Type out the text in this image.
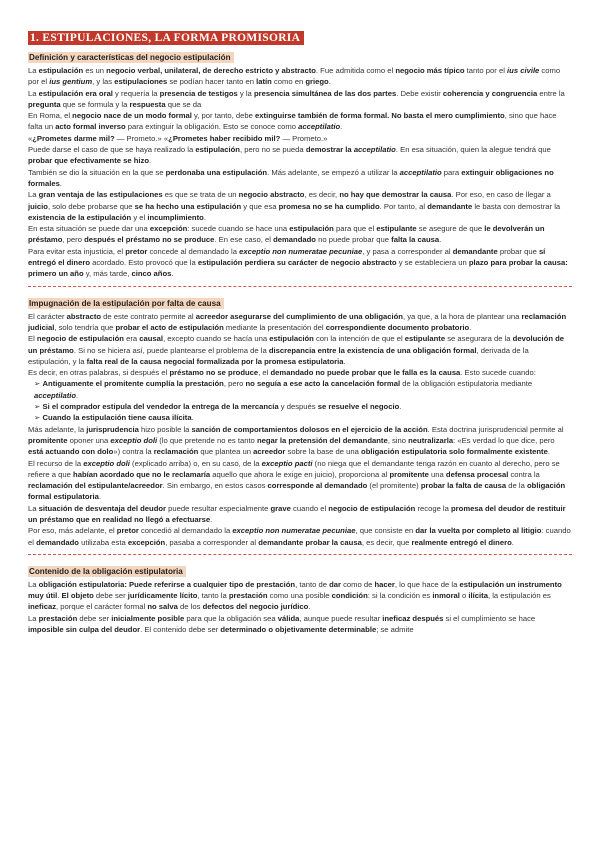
1. ESTIPULACIONES, LA FORMA PROMISORIA
Definición y características del negocio estipulación

La estipulación es un negocio verbal, unilateral, de derecho estricto y abstracto. Fue admitida como el negocio más típico tanto por el ius civile como por el ius gentium, y las estipulaciones se podían hacer tanto en latín como en griego.

La estipulación era oral y requería la presencia de testigos y la presencia simultánea de las dos partes. Debe existir coherencia y congruencia entre la pregunta que se formula y la respuesta que se da

En Roma, el negocio nace de un modo formal y, por tanto, debe extinguirse también de forma formal. No basta el mero cumplimiento, sino que hace falta un acto formal inverso para extinguir la obligación. Esto se conoce como acceptilatio.

«¿Prometes darme mil? — Prometo.» «¿Prometes haber recibido mil? — Prometo.»

Puede darse el caso de que se haya realizado la estipulación, pero no se pueda demostrar la acceptilatio. En esa situación, quien la alegue tendrá que probar que efectivamente se hizo.

También se dio la situación en la que se perdonaba una estipulación. Más adelante, se empezó a utilizar la acceptilatio para extinguir obligaciones no formales.

La gran ventaja de las estipulaciones es que se trata de un negocio abstracto, es decir, no hay que demostrar la causa. Por eso, en caso de llegar a juicio, solo debe probarse que se ha hecho una estipulación y que esa promesa no se ha cumplido. Por tanto, al demandante le basta con demostrar la existencia de la estipulación y el incumplimiento.

En esta situación se puede dar una excepción: sucede cuando se hace una estipulación para que el estipulante se asegure de que le devolverán un préstamo, pero después el préstamo no se produce. En ese caso, el demandado no puede probar que falta la causa.

Para evitar esta injusticia, el pretor concede al demandado la exceptio non numeratae pecuniae, y pasa a corresponder al demandante probar que sí entregó el dinero acordado. Esto provocó que la estipulación perdiera su carácter de negocio abstracto y se estableciera un plazo para probar la causa: primero un año y, más tarde, cinco años.

Impugnación de la estipulación por falta de causa

El carácter abstracto de este contrato permite al acreedor asegurarse del cumplimiento de una obligación, ya que, a la hora de plantear una reclamación judicial, solo tendría que probar el acto de estipulación mediante la presentación del correspondiente documento probatorio.

El negocio de estipulación era causal, excepto cuando se hacía una estipulación con la intención de que el estipulante se asegurara de la devolución de un préstamo. Si no se hiciera así, puede plantearse el problema de la discrepancia entre la existencia de una obligación formal, derivada de la estipulación, y la falta real de la causa negocial formalizada por la promesa estipulatoria.

Es decir, en otras palabras, si después el préstamo no se produce, el demandado no puede probar que le falla es la causa. Esto sucede cuando:

➢ Antiguamente el promitente cumplía la prestación, pero no seguía a ese acto la cancelación formal de la obligación estipulatoria mediante acceptilatio.

➢ Si el comprador estipula del vendedor la entrega de la mercancía y después se resuelve el negocio.

➢ Cuando la estipulación tiene causa ilícita.

Más adelante, la jurisprudencia hizo posible la sanción de comportamientos dolosos en el ejercicio de la acción. Esta doctrina jurisprudencial permite al promitente oponer una exceptio doli (lo que pretende no es tanto negar la pretensión del demandante, sino neutralizarla: «Es verdad lo que dice, pero está actuando con dolo») contra la reclamación que plantea un acreedor sobre la base de una obligación estipulatoria solo formalmente existente.

El recurso de la exceptio doli (explicado arriba) o, en su caso, de la exceptio pacti (no niega que el demandante tenga razón en cuanto al derecho, pero se refiere a que habían acordado que no le reclamaría aquello que ahora le exige en juicio), proporciona al promitente una defensa procesal contra la reclamación del estipulante/acreedor. Sin embargo, en estos casos corresponde al demandado (el promitente) probar la falta de causa de la obligación formal estipulatoria.

La situación de desventaja del deudor puede resultar especialmente grave cuando el negocio de estipulación recoge la promesa del deudor de restituir un préstamo que en realidad no llegó a efectuarse.

Por eso, más adelante, el pretor concedió al demandado la exceptio non numeratae pecuniae, que consiste en dar la vuelta por completo al litigio: cuando el demandado utilizaba esta excepción, pasaba a corresponder al demandante probar la causa, es decir, que realmente entregó el dinero.

Contenido de la obligación estipulatoria

La obligación estipulatoria: Puede referirse a cualquier tipo de prestación, tanto de dar como de hacer, lo que hace de la estipulación un instrumento muy útil. El objeto debe ser jurídicamente lícito, tanto la prestación como una posible condición: si la condición es inmoral o ilícita, la estipulación es ineficaz, porque el carácter formal no salva de los defectos del negocio jurídico.

La prestación debe ser inicialmente posible para que la obligación sea válida, aunque puede resultar ineficaz después si el cumplimiento se hace imposible sin culpa del deudor. El contenido debe ser determinado o objetivamente determinable; se admite
